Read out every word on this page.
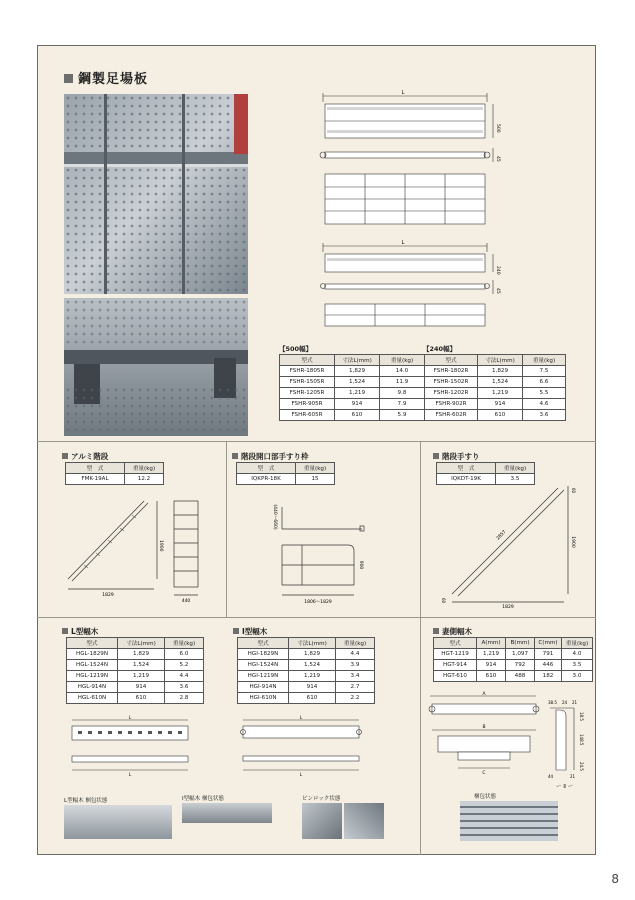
鋼製足場板
L
500
45
L
240
45
【500幅】
型式	寸法L(mm)	重量(kg)
FSHR-1805R	1,829	14.0
FSHR-1505R	1,524	11.9
FSHR-1205R	1,219	9.8
FSHR-905R	914	7.9
FSHR-605R	610	5.9
【240幅】
型式	寸法L(mm)	重量(kg)
FSHR-1802R	1,829	7.5
FSHR-1502R	1,524	6.6
FSHR-1202R	1,219	5.5
FSHR-902R	914	4.6
FSHR-602R	610	3.6
アルミ階段
型　式	重量(kg)
FMK-19AL	12.2
1900
1829
440
階段開口部手すり枠
型　式	重量(kg)
IQKPR-18K	15
(440〜660)
900
1806〜1829
階段手すり
型　式	重量(kg)
IQKDT-19K	3.5
2857
1900
1829
60
60
L型幅木
型式	寸法L(mm)	重量(kg)
HGL-1829N	1,829	6.0
HGL-1524N	1,524	5.2
HGL-1219N	1,219	4.4
HGL-914N	914	3.6
HGL-610N	610	2.8
L
L
I型幅木
型式	寸法L(mm)	重量(kg)
HGI-1829N	1,829	4.4
HGI-1524N	1,524	3.9
HGI-1219N	1,219	3.4
HGI-914N	914	2.7
HGI-610N	610	2.2
L
L
妻側幅木
型式	A(mm)	B(mm)	C(mm)	重量(kg)
HGT-1219	1,219	1,097	791	4.0
HGT-914	914	792	446	3.5
HGT-610	610	488	182	3.0
A
B
C
38.5 24 21
18.5
148.5
24.5
44	21
ー Ⅱ ー
L型幅木 梱包状態	I型幅木 梱包状態	ピンロック状態	梱包状態
8
